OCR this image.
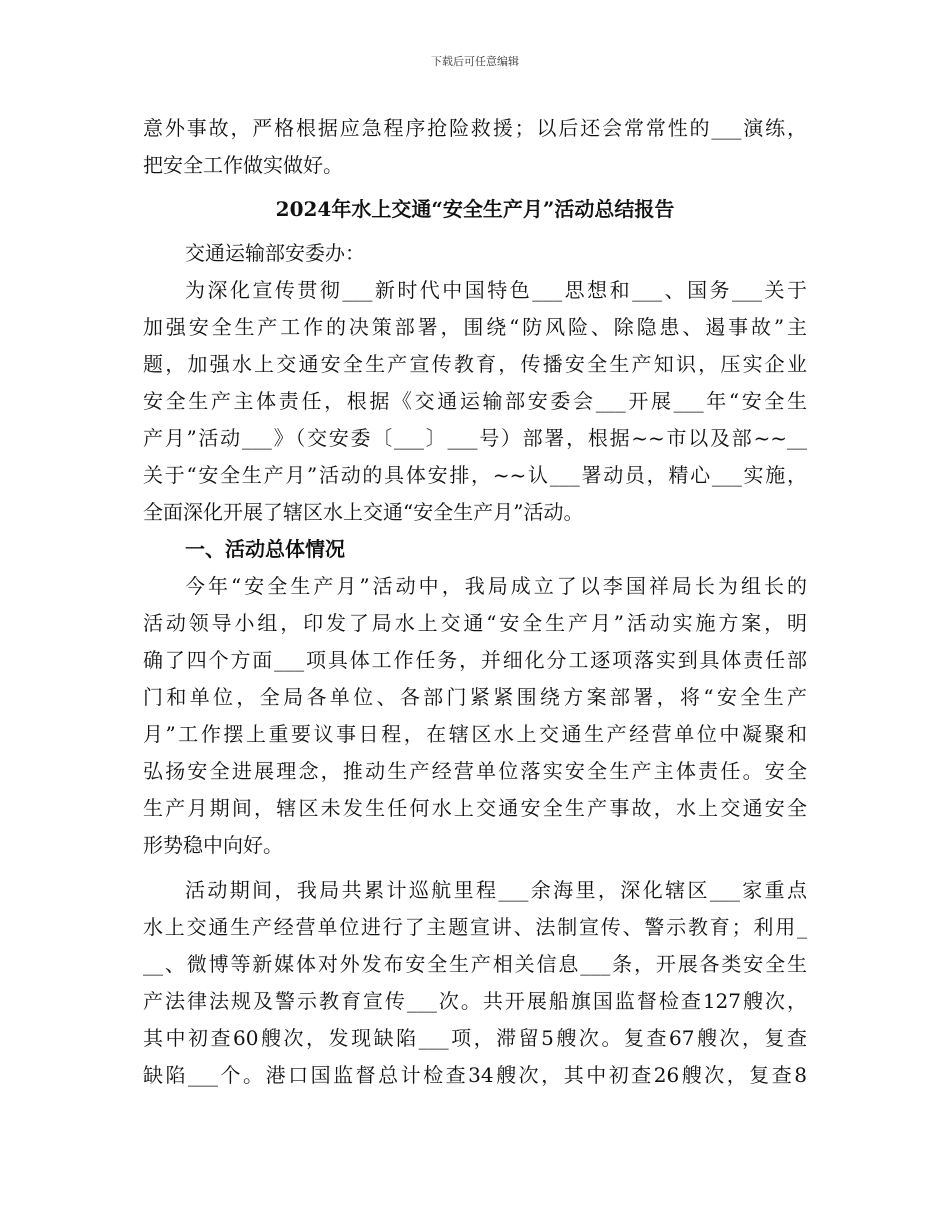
下载后可任意编辑
意外事故，严格根据应急程序抢险救援；以后还会常常性的___演练，
把安全工作做实做好。
2024年水上交通“安全生产月”活动总结报告
交通运输部安委办：
为深化宣传贯彻___新时代中国特色___思想和___、国务___关于
加强安全生产工作的决策部署，围绕“防风险、除隐患、遏事故”主
题，加强水上交通安全生产宣传教育，传播安全生产知识，压实企业
安全生产主体责任，根据《交通运输部安委会___开展___年“安全生
产月”活动___》（交安委〔___〕___号）部署，根据~~市以及部~~__
关于“安全生产月”活动的具体安排，~~认___署动员，精心___实施，
全面深化开展了辖区水上交通“安全生产月”活动。
一、活动总体情况
今年“安全生产月”活动中，我局成立了以李国祥局长为组长的
活动领导小组，印发了局水上交通“安全生产月”活动实施方案，明
确了四个方面___项具体工作任务，并细化分工逐项落实到具体责任部
门和单位，全局各单位、各部门紧紧围绕方案部署，将“安全生产
月”工作摆上重要议事日程，在辖区水上交通生产经营单位中凝聚和
弘扬安全进展理念，推动生产经营单位落实安全生产主体责任。安全
生产月期间，辖区未发生任何水上交通安全生产事故，水上交通安全
形势稳中向好。
活动期间，我局共累计巡航里程___余海里，深化辖区___家重点
水上交通生产经营单位进行了主题宣讲、法制宣传、警示教育；利用_
__、微博等新媒体对外发布安全生产相关信息___条，开展各类安全生
产法律法规及警示教育宣传___次。共开展船旗国监督检查127艘次，
其中初查60艘次，发现缺陷___项，滞留5艘次。复查67艘次，复查
缺陷___个。港口国监督总计检查34艘次，其中初查26艘次，复查8
